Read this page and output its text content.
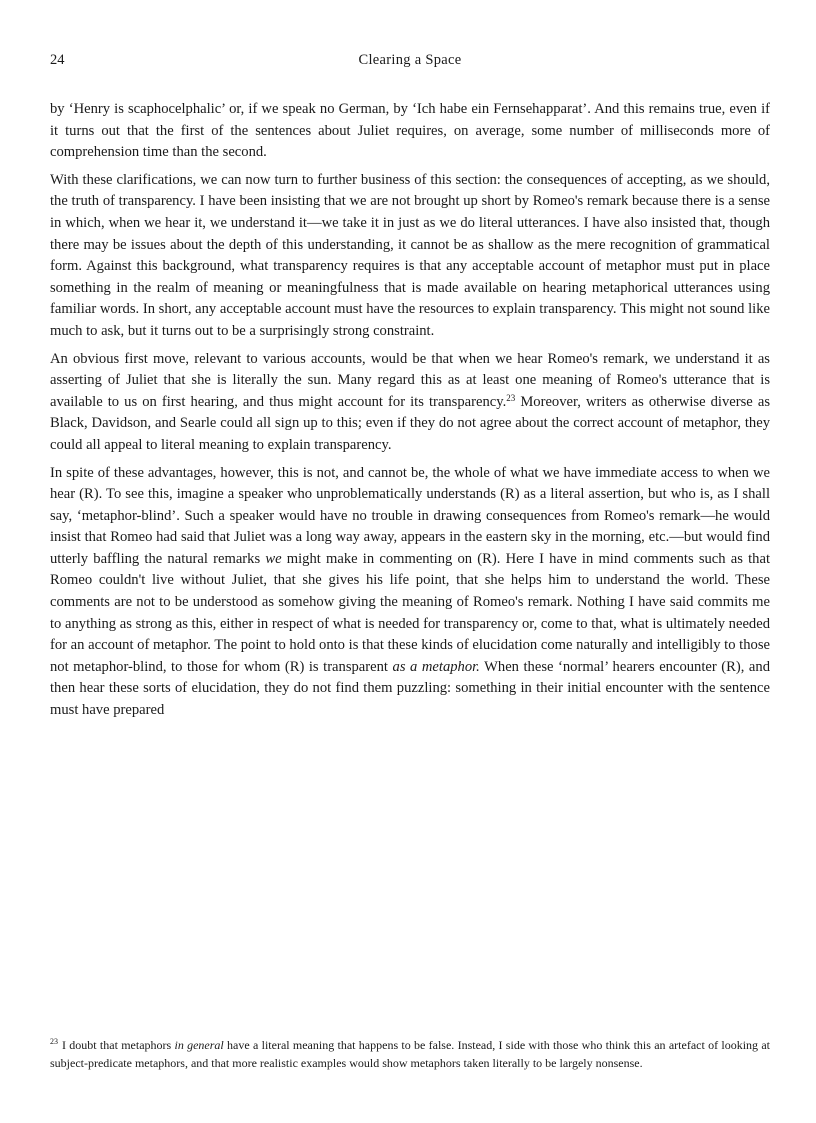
24	Clearing a Space

by ‘Henry is scaphocelphalic’ or, if we speak no German, by ‘Ich habe ein Fernsehapparat’. And this remains true, even if it turns out that the first of the sentences about Juliet requires, on average, some number of milliseconds more of comprehension time than the second.

With these clarifications, we can now turn to further business of this section: the consequences of accepting, as we should, the truth of transparency. I have been insisting that we are not brought up short by Romeo's remark because there is a sense in which, when we hear it, we understand it—we take it in just as we do literal utterances. I have also insisted that, though there may be issues about the depth of this understanding, it cannot be as shallow as the mere recognition of grammatical form. Against this background, what transparency requires is that any acceptable account of metaphor must put in place something in the realm of meaning or meaningfulness that is made available on hearing metaphorical utterances using familiar words. In short, any acceptable account must have the resources to explain transparency. This might not sound like much to ask, but it turns out to be a surprisingly strong constraint.

An obvious first move, relevant to various accounts, would be that when we hear Romeo's remark, we understand it as asserting of Juliet that she is literally the sun. Many regard this as at least one meaning of Romeo's utterance that is available to us on first hearing, and thus might account for its transparency.$^{23}$ Moreover, writers as otherwise diverse as Black, Davidson, and Searle could all sign up to this; even if they do not agree about the correct account of metaphor, they could all appeal to literal meaning to explain transparency.

In spite of these advantages, however, this is not, and cannot be, the whole of what we have immediate access to when we hear (R). To see this, imagine a speaker who unproblematically understands (R) as a literal assertion, but who is, as I shall say, ‘metaphor-blind’. Such a speaker would have no trouble in drawing consequences from Romeo's remark—he would insist that Romeo had said that Juliet was a long way away, appears in the eastern sky in the morning, etc.—but would find utterly baffling the natural remarks we might make in commenting on (R). Here I have in mind comments such as that Romeo couldn't live without Juliet, that she gives his life point, that she helps him to understand the world. These comments are not to be understood as somehow giving the meaning of Romeo's remark. Nothing I have said commits me to anything as strong as this, either in respect of what is needed for transparency or, come to that, what is ultimately needed for an account of metaphor. The point to hold onto is that these kinds of elucidation come naturally and intelligibly to those not metaphor-blind, to those for whom (R) is transparent as a metaphor. When these ‘normal’ hearers encounter (R), and then hear these sorts of elucidation, they do not find them puzzling: something in their initial encounter with the sentence must have prepared

$^{23}$ I doubt that metaphors in general have a literal meaning that happens to be false. Instead, I side with those who think this an artefact of looking at subject-predicate metaphors, and that more realistic examples would show metaphors taken literally to be largely nonsense.
